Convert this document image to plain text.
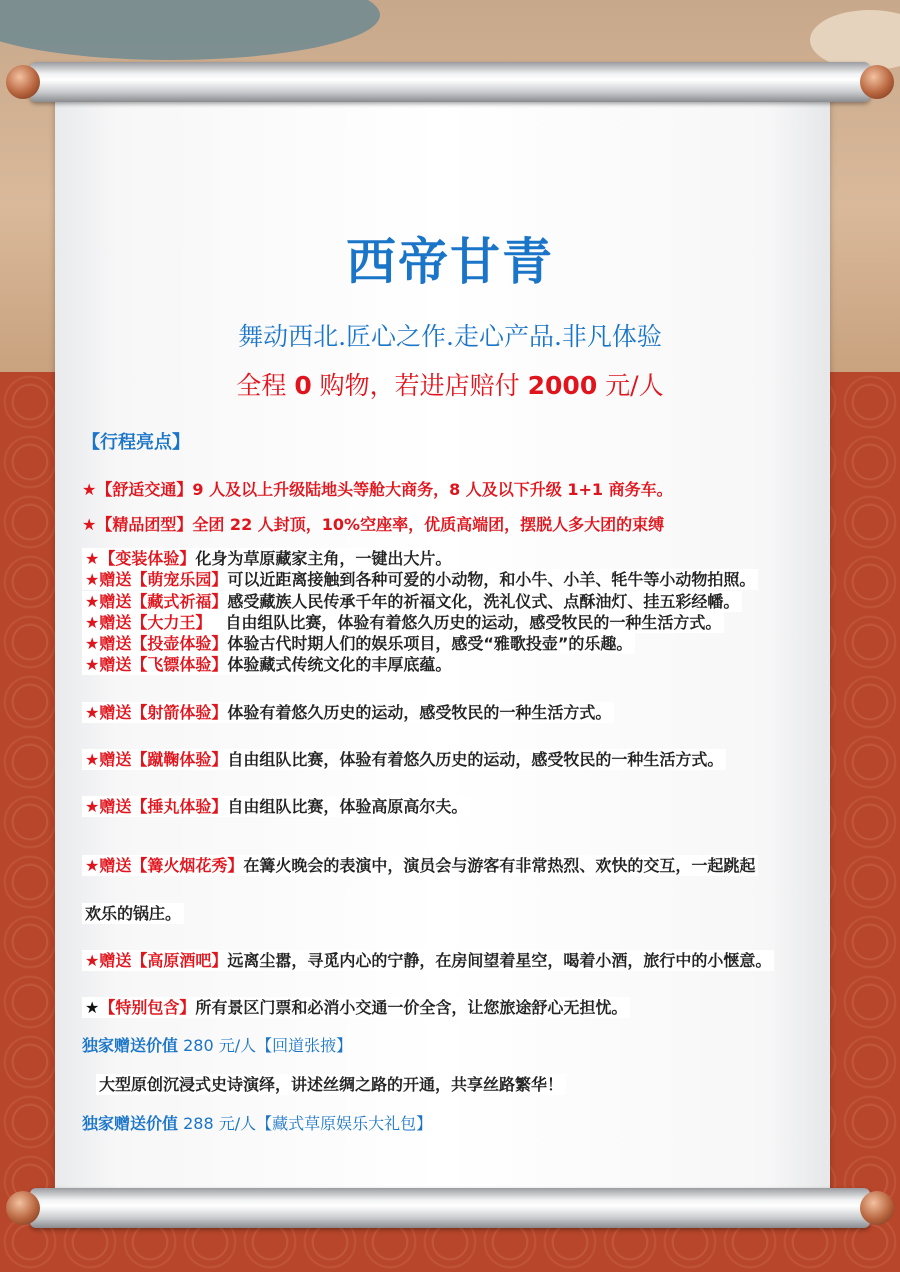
西帝甘青
舞动西北.匠心之作.走心产品.非凡体验
全程 0 购物，若进店赔付 2000 元/人
【行程亮点】
★【舒适交通】9 人及以上升级陆地头等舱大商务，8 人及以下升级 1+1 商务车。
★【精品团型】全团 22 人封顶，10%空座率，优质高端团，摆脱人多大团的束缚
★【变装体验】化身为草原藏家主角，一键出大片。
★赠送【萌宠乐园】可以近距离接触到各种可爱的小动物，和小牛、小羊、牦牛等小动物拍照。
★赠送【藏式祈福】感受藏族人民传承千年的祈福文化，洗礼仪式、点酥油灯、挂五彩经幡。
★赠送【大力王】 自由组队比赛，体验有着悠久历史的运动，感受牧民的一种生活方式。
★赠送【投壶体验】体验古代时期人们的娱乐项目，感受“雅歌投壶”的乐趣。
★赠送【飞镖体验】体验藏式传统文化的丰厚底蕴。
★赠送【射箭体验】体验有着悠久历史的运动，感受牧民的一种生活方式。
★赠送【蹴鞠体验】自由组队比赛，体验有着悠久历史的运动，感受牧民的一种生活方式。
★赠送【捶丸体验】自由组队比赛，体验高原高尔夫。
★赠送【篝火烟花秀】在篝火晚会的表演中，演员会与游客有非常热烈、欢快的交互，一起跳起
欢乐的锅庄。
★赠送【高原酒吧】远离尘嚣，寻觅内心的宁静，在房间望着星空，喝着小酒，旅行中的小惬意。
★【特别包含】所有景区门票和必消小交通一价全含，让您旅途舒心无担忧。
独家赠送价值 280 元/人【回道张掖】
大型原创沉浸式史诗演绎，讲述丝绸之路的开通，共享丝路繁华！
独家赠送价值 288 元/人【藏式草原娱乐大礼包】
